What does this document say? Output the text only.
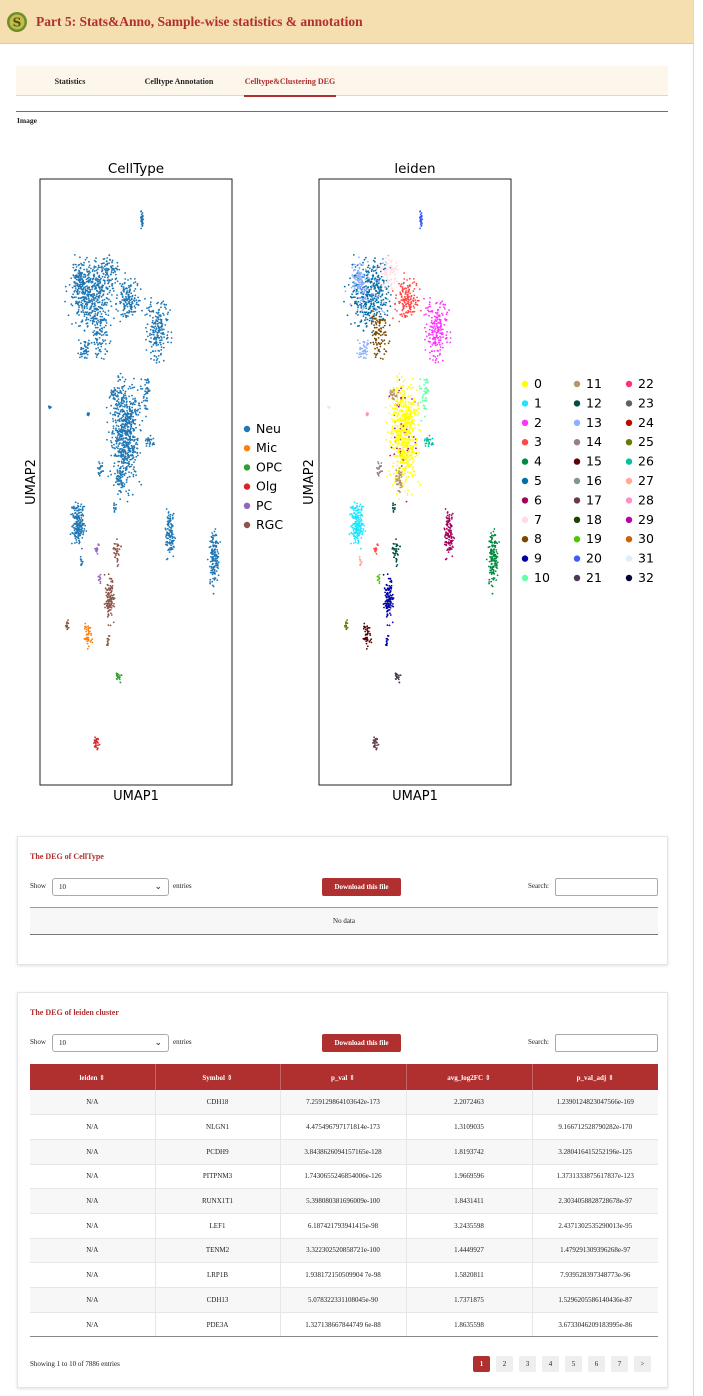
S Part 5: Stats&Anno, Sample-wise statistics & annotation
Statistics	Celltype Annotation	Celltype&Clustering DEG
Image
CellType	leiden
UMAP1	UMAP1
UMAP2	UMAP2
Neu
Mic
OPC
Olg
PC
RGC
0
1
2
3
4
5
6
7
8
9
10
11
12
13
14
15
16
17
18
19
20
21
22
23
24
25
26
27
28
29
30
31
32
The DEG of CellType
Show 10	⌄ entries	Download this file	Search:
No data
The DEG of leiden cluster
Show 10	⌄ entries	Download this file	Search:
leiden ⇕	Symbol ⇕	p_val ⇕	avg_log2FC ⇕	p_val_adj ⇕
N/A	CDH18	7.259129864103642e-173	2.2072463	1.2390124823047566e-169
N/A	NLGN1	4.475496797171814e-173	1.3109035	9.166712528790282e-170
N/A	PCDH9	3.8438626094157165e-128	1.8193742	3.280416415252196e-125
N/A	PITPNM3	1.7430655246854006e-126	1.9669596	1.3731333875617837e-123
N/A	RUNX1T1	5.398080381696009e-100	1.8431411	2.3034058828728678e-97
N/A	LEF1	6.187421793941415e-98	3.2435598	2.4371302535290013e-95
N/A	TENM2	3.322302520858721e-100	1.4449927	1.479291309396268e-97
N/A	LRP1B	1.938172150509904 7e-98	1.5820811	7.939528397348773e-96
N/A	CDH13	5.078322331108045e-90	1.7371875	1.5296205586140436e-87
N/A	PDE3A	1.327138667844749 6e-88	1.8635598	3.6733046209183995e-86
Showing 1 to 10 of 7886 entries	1	2	3	4	5	6	7	>
